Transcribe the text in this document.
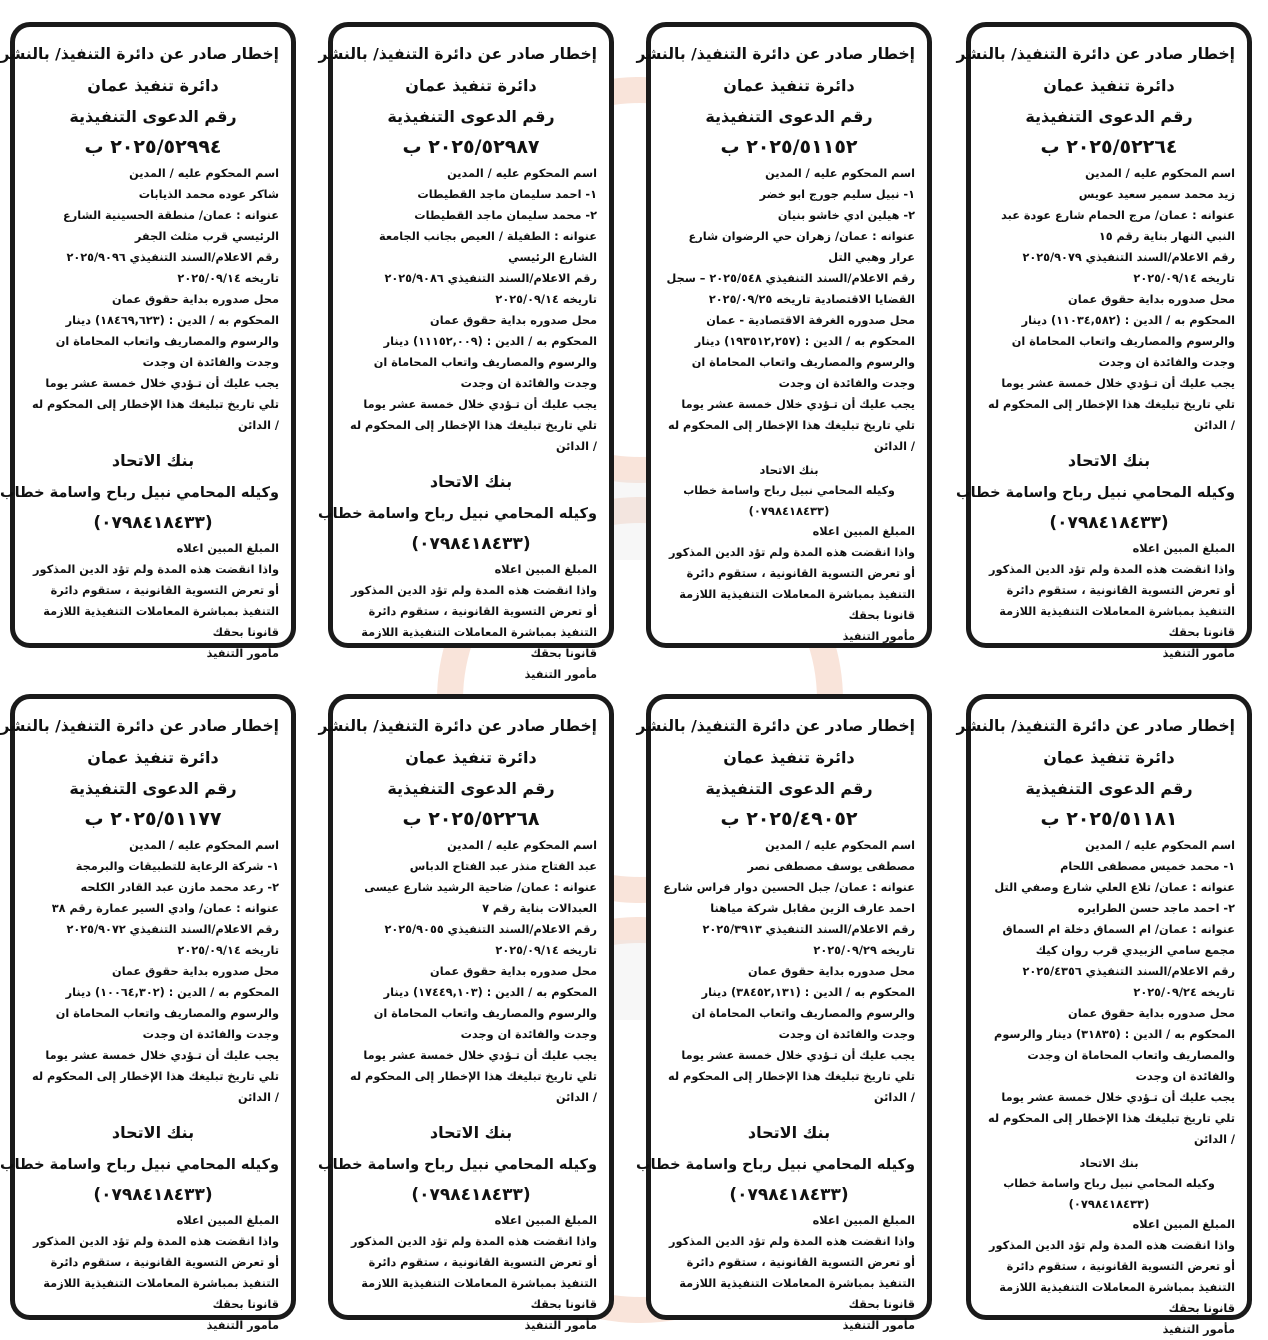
إخطار صادر عن دائرة التنفيذ/ بالنشر
دائرة تنفيذ عمان
رقم الدعوى التنفيذية
٢٠٢٥/٥٢٢٦٤ ب

اسم المحكوم عليه / المدين

زيد محمد سمير سعيد عويس

عنوانه : عمان/ مرج الحمام شارع عودة عبد النبي النهار بناية رقم ١٥

رقم الاعلام/السند التنفيذي ٢٠٢٥/٩٠٧٩

تاريخه ٢٠٢٥/٠٩/١٤

محل صدوره بداية حقوق عمان

المحكوم به / الدين : (١١٠٣٤,٥٨٢) دينار والرسوم والمصاريف واتعاب المحاماة ان وجدت والفائدة ان وجدت

يجب عليك أن تـؤدي خلال خمسة عشر يوما تلي تاريخ تبليغك هذا الإخطار إلى المحكوم له / الدائن

بنك الاتحاد
وكيله المحامي نبيل رباح واسامة خطاب
(٠٧٩٨٤١٨٤٣٣)

المبلغ المبين اعلاه

واذا انقضت هذه المدة ولم تؤد الدين المذكور أو تعرض التسوية القانونية ، ستقوم دائرة التنفيذ بمباشرة المعاملات التنفيذية اللازمة قانونا بحقك

مأمور التنفيذ

إخطار صادر عن دائرة التنفيذ/ بالنشر
دائرة تنفيذ عمان
رقم الدعوى التنفيذية
٢٠٢٥/٥١١٥٢ ب

اسم المحكوم عليه / المدين

١- نبيل سليم جورج ابو خضر

٢- هيلين ادي خاشو بنيان

عنوانه : عمان/ زهران حي الرضوان شارع عرار وهبي التل

رقم الاعلام/السند التنفيذي ٢٠٢٥/٥٤٨ – سجل القضايا الاقتصادية تاريخه ٢٠٢٥/٠٩/٢٥

محل صدوره الغرفة الاقتصادية - عمان

المحكوم به / الدين : (١٩٣٥١٢,٢٥٧) دينار والرسوم والمصاريف واتعاب المحاماة ان وجدت والفائدة ان وجدت

يجب عليك أن تـؤدي خلال خمسة عشر يوما تلي تاريخ تبليغك هذا الإخطار إلى المحكوم له / الدائن

بنك الاتحاد
وكيله المحامي نبيل رباح واسامة خطاب
(٠٧٩٨٤١٨٤٣٣)

المبلغ المبين اعلاه

واذا انقضت هذه المدة ولم تؤد الدين المذكور أو تعرض التسوية القانونية ، ستقوم دائرة التنفيذ بمباشرة المعاملات التنفيذية اللازمة قانونا بحقك

مأمور التنفيذ

إخطار صادر عن دائرة التنفيذ/ بالنشر
دائرة تنفيذ عمان
رقم الدعوى التنفيذية
٢٠٢٥/٥٢٩٨٧ ب

اسم المحكوم عليه / المدين

١- احمد سليمان ماجد القطيطات

٢- محمد سليمان ماجد القطيطات

عنوانه : الطفيلة / العيص بجانب الجامعة الشارع الرئيسي

رقم الاعلام/السند التنفيذي ٢٠٢٥/٩٠٨٦

تاريخه ٢٠٢٥/٠٩/١٤

محل صدوره بداية حقوق عمان

المحكوم به / الدين : (١١١٥٢,٠٠٩) دينار والرسوم والمصاريف واتعاب المحاماة ان وجدت والفائدة ان وجدت

يجب عليك أن تـؤدي خلال خمسة عشر يوما تلي تاريخ تبليغك هذا الإخطار إلى المحكوم له / الدائن

بنك الاتحاد
وكيله المحامي نبيل رباح واسامة خطاب
(٠٧٩٨٤١٨٤٣٣)

المبلغ المبين اعلاه

واذا انقضت هذه المدة ولم تؤد الدين المذكور أو تعرض التسوية القانونية ، ستقوم دائرة التنفيذ بمباشرة المعاملات التنفيذية اللازمة قانونا بحقك

مأمور التنفيذ

إخطار صادر عن دائرة التنفيذ/ بالنشر
دائرة تنفيذ عمان
رقم الدعوى التنفيذية
٢٠٢٥/٥٢٩٩٤ ب

اسم المحكوم عليه / المدين

شاكر عوده محمد الذيابات

عنوانه : عمان/ منطقة الحسينية الشارع الرئيسي قرب مثلث الجفر

رقم الاعلام/السند التنفيذي ٢٠٢٥/٩٠٩٦

تاريخه ٢٠٢٥/٠٩/١٤

محل صدوره بداية حقوق عمان

المحكوم به / الدين : (١٨٤٦٩,٦٢٣) دينار والرسوم والمصاريف واتعاب المحاماة ان وجدت والفائدة ان وجدت

يجب عليك أن تـؤدي خلال خمسة عشر يوما تلي تاريخ تبليغك هذا الإخطار إلى المحكوم له / الدائن

بنك الاتحاد
وكيله المحامي نبيل رباح واسامة خطاب
(٠٧٩٨٤١٨٤٣٣)

المبلغ المبين اعلاه

واذا انقضت هذه المدة ولم تؤد الدين المذكور أو تعرض التسوية القانونية ، ستقوم دائرة التنفيذ بمباشرة المعاملات التنفيذية اللازمة قانونا بحقك

مأمور التنفيذ

إخطار صادر عن دائرة التنفيذ/ بالنشر
دائرة تنفيذ عمان
رقم الدعوى التنفيذية
٢٠٢٥/٥١١٨١ ب

اسم المحكوم عليه / المدين

١- محمد خميس مصطفى اللحام

عنوانه : عمان/ تلاع العلي شارع وصفي التل

٢- احمد ماجد حسن الطرايره

عنوانه : عمان/ ام السماق دخلة ام السماق مجمع سامي الزبيدي قرب روان كيك

رقم الاعلام/السند التنفيذي ٢٠٢٥/٤٣٥٦

تاريخه ٢٠٢٥/٠٩/٢٤

محل صدوره بداية حقوق عمان

المحكوم به / الدين : (٣١٨٣٥) دينار والرسوم والمصاريف واتعاب المحاماة ان وجدت والفائدة ان وجدت

يجب عليك أن تـؤدي خلال خمسة عشر يوما تلي تاريخ تبليغك هذا الإخطار إلى المحكوم له / الدائن

بنك الاتحاد
وكيله المحامي نبيل رباح واسامة خطاب
(٠٧٩٨٤١٨٤٣٣)

المبلغ المبين اعلاه

واذا انقضت هذه المدة ولم تؤد الدين المذكور أو تعرض التسوية القانونية ، ستقوم دائرة التنفيذ بمباشرة المعاملات التنفيذية اللازمة قانونا بحقك

مأمور التنفيذ

إخطار صادر عن دائرة التنفيذ/ بالنشر
دائرة تنفيذ عمان
رقم الدعوى التنفيذية
٢٠٢٥/٤٩٠٥٢ ب

اسم المحكوم عليه / المدين

مصطفى يوسف مصطفى نصر

عنوانه : عمان/ جبل الحسين دوار فراس شارع احمد عارف الزين مقابل شركة مياهنا

رقم الاعلام/السند التنفيذي ٢٠٢٥/٣٩١٣

تاريخه ٢٠٢٥/٠٩/٢٩

محل صدوره بداية حقوق عمان

المحكوم به / الدين : (٣٨٤٥٢,١٣١) دينار والرسوم والمصاريف واتعاب المحاماة ان وجدت والفائدة ان وجدت

يجب عليك أن تـؤدي خلال خمسة عشر يوما تلي تاريخ تبليغك هذا الإخطار إلى المحكوم له / الدائن

بنك الاتحاد
وكيله المحامي نبيل رباح واسامة خطاب
(٠٧٩٨٤١٨٤٣٣)

المبلغ المبين اعلاه

واذا انقضت هذه المدة ولم تؤد الدين المذكور أو تعرض التسوية القانونية ، ستقوم دائرة التنفيذ بمباشرة المعاملات التنفيذية اللازمة قانونا بحقك

مأمور التنفيذ

إخطار صادر عن دائرة التنفيذ/ بالنشر
دائرة تنفيذ عمان
رقم الدعوى التنفيذية
٢٠٢٥/٥٢٢٦٨ ب

اسم المحكوم عليه / المدين

عبد الفتاح منذر عبد الفتاح الدباس

عنوانه : عمان/ ضاحية الرشيد شارع عيسى العبدالات بناية رقم ٧

رقم الاعلام/السند التنفيذي ٢٠٢٥/٩٠٥٥

تاريخه ٢٠٢٥/٠٩/١٤

محل صدوره بداية حقوق عمان

المحكوم به / الدين : (١٧٤٤٩,١٠٣) دينار والرسوم والمصاريف واتعاب المحاماة ان وجدت والفائدة ان وجدت

يجب عليك أن تـؤدي خلال خمسة عشر يوما تلي تاريخ تبليغك هذا الإخطار إلى المحكوم له / الدائن

بنك الاتحاد
وكيله المحامي نبيل رباح واسامة خطاب
(٠٧٩٨٤١٨٤٣٣)

المبلغ المبين اعلاه

واذا انقضت هذه المدة ولم تؤد الدين المذكور أو تعرض التسوية القانونية ، ستقوم دائرة التنفيذ بمباشرة المعاملات التنفيذية اللازمة قانونا بحقك

مأمور التنفيذ

إخطار صادر عن دائرة التنفيذ/ بالنشر
دائرة تنفيذ عمان
رقم الدعوى التنفيذية
٢٠٢٥/٥١١٧٧ ب

اسم المحكوم عليه / المدين

١- شركة الرعاية للتطبيقات والبرمجة

٢- رعد محمد مازن عبد القادر الكلحه

عنوانه : عمان/ وادي السير عمارة رقم ٣٨

رقم الاعلام/السند التنفيذي ٢٠٢٥/٩٠٧٢

تاريخه ٢٠٢٥/٠٩/١٤

محل صدوره بداية حقوق عمان

المحكوم به / الدين : (١٠٠٦٤,٣٠٢) دينار والرسوم والمصاريف واتعاب المحاماة ان وجدت والفائدة ان وجدت

يجب عليك أن تـؤدي خلال خمسة عشر يوما تلي تاريخ تبليغك هذا الإخطار إلى المحكوم له / الدائن

بنك الاتحاد
وكيله المحامي نبيل رباح واسامة خطاب
(٠٧٩٨٤١٨٤٣٣)

المبلغ المبين اعلاه

واذا انقضت هذه المدة ولم تؤد الدين المذكور أو تعرض التسوية القانونية ، ستقوم دائرة التنفيذ بمباشرة المعاملات التنفيذية اللازمة قانونا بحقك

مأمور التنفيذ
